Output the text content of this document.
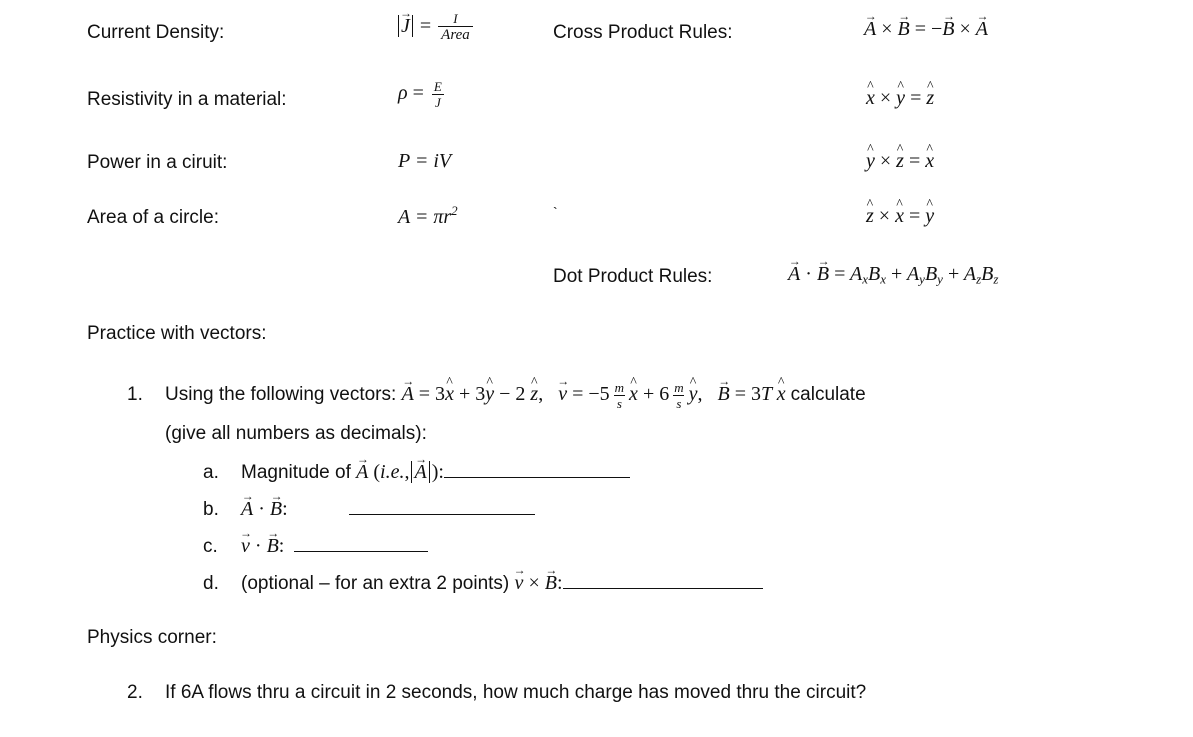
Current Density:
Resistivity in a material:
Power in a ciruit:
Area of a circle:
→ $J = \frac{I}{\text{Area}}$
$\rho = \frac{E}{J}$
P = iV
$A = \pi r^2$
Cross Product Rules:	→ A × → B = −→ B × → A
^ x × ^ y = ^ z
^ y × ^ z = ^ x
^ z × ^ x = ^ y
`
Dot Product Rules:	→ A · → $B = A_xB_x + A_yB_y + A_zB_z$
Practice with vectors:
1. Using the following vectors: → A = 3^ x + 3^ y − 2 ^ z,   → $v = -5 \frac{m}{s}$ ^ $x + 6 \frac{m}{s}$ ^ y,   → B = 3T ^ x calculate
(give all numbers as decimals):
a. Magnitude of → A (i.e., → A ):
b. → A · → B:
c. → v · → B:
d. (optional – for an extra 2 points) → v × → B:
Physics corner:
2. If 6A flows thru a circuit in 2 seconds, how much charge has moved thru the circuit?
